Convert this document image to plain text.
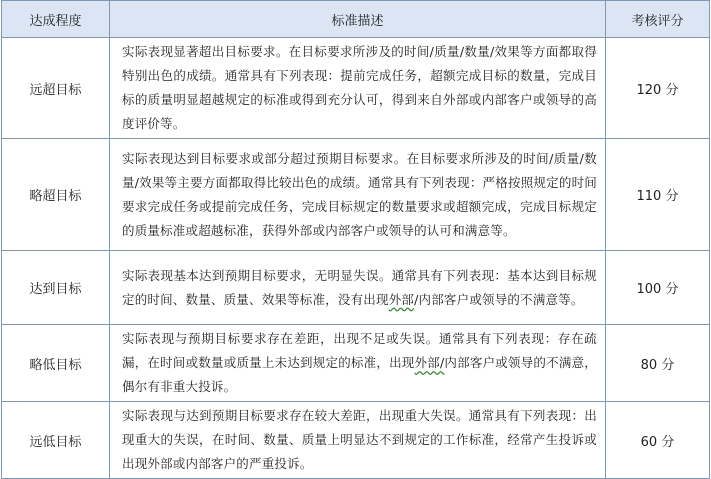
达成程度	标准描述	考核评分
远超目标	实际表现显著超出目标要求。在目标要求所涉及的时间/质量/数量/效果等方面都取得特别出色的成绩。通常具有下列表现：提前完成任务，超额完成目标的数量，完成目标的质量明显超越规定的标准或得到充分认可，得到来自外部或内部客户或领导的高度评价等。	120 分
略超目标	实际表现达到目标要求或部分超过预期目标要求。在目标要求所涉及的时间/质量/数量/效果等主要方面都取得比较出色的成绩。通常具有下列表现：严格按照规定的时间要求完成任务或提前完成任务，完成目标规定的数量要求或超额完成，完成目标规定的质量标准或超越标准，获得外部或内部客户或领导的认可和满意等。	110 分
达到目标	实际表现基本达到预期目标要求，无明显失误。通常具有下列表现：基本达到目标规定的时间、数量、质量、效果等标准，没有出现外部/内部客户或领导的不满意等。	100 分
略低目标	实际表现与预期目标要求存在差距，出现不足或失误。通常具有下列表现：存在疏漏，在时间或数量或质量上未达到规定的标准，出现外部/内部客户或领导的不满意，偶尔有非重大投诉。	80 分
远低目标	实际表现与达到预期目标要求存在较大差距，出现重大失误。通常具有下列表现：出现重大的失误，在时间、数量、质量上明显达不到规定的工作标准，经常产生投诉或出现外部或内部客户的严重投诉。	60 分
